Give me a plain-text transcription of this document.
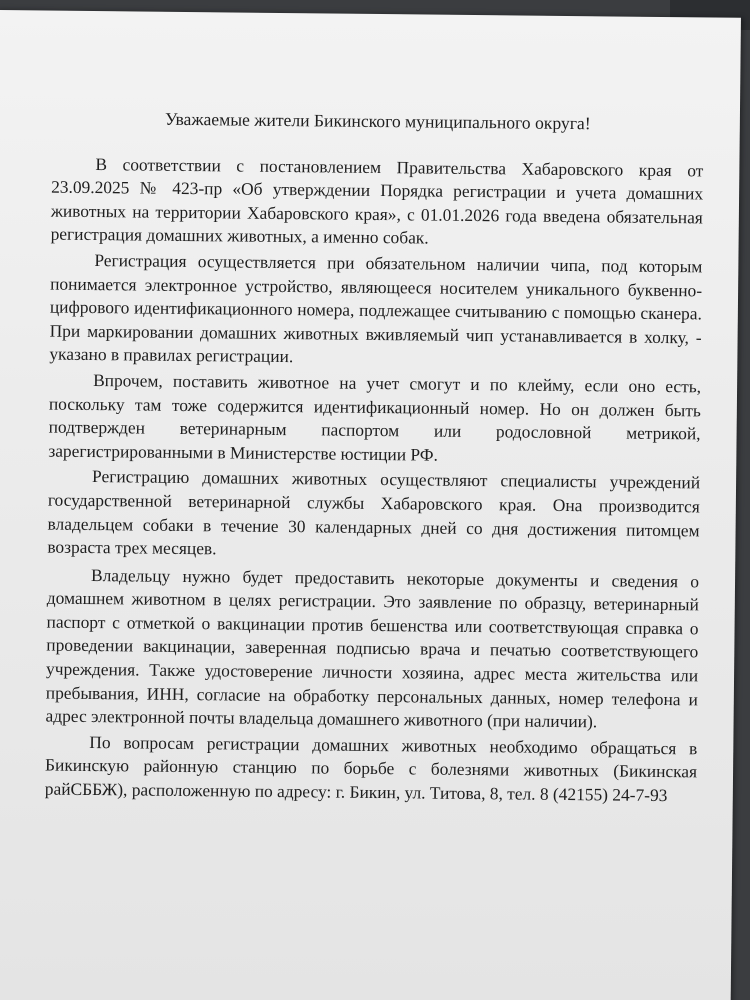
Уважаемые жители Бикинского муниципального округа!

В соответствии с постановлением Правительства Хабаровского края от 23.09.2025 № 423-пр «Об утверждении Порядка регистрации и учета домашних животных на территории Хабаровского края», с 01.01.2026 года введена обязательная регистрация домашних животных, а именно собак.

Регистрация осуществляется при обязательном наличии чипа, под которым понимается электронное устройство, являющееся носителем уникального буквенно-цифрового идентификационного номера, подлежащее считыванию с помощью сканера. При маркировании домашних животных вживляемый чип устанавливается в холку, - указано в правилах регистрации.

Впрочем, поставить животное на учет смогут и по клейму, если оно есть, поскольку там тоже содержится идентификационный номер. Но он должен быть подтвержден ветеринарным паспортом или родословной метрикой, зарегистрированными в Министерстве юстиции РФ.

Регистрацию домашних животных осуществляют специалисты учреждений государственной ветеринарной службы Хабаровского края. Она производится владельцем собаки в течение 30 календарных дней со дня достижения питомцем возраста трех месяцев.

Владельцу нужно будет предоставить некоторые документы и сведения о домашнем животном в целях регистрации. Это заявление по образцу, ветеринарный паспорт с отметкой о вакцинации против бешенства или соответствующая справка о проведении вакцинации, заверенная подписью врача и печатью соответствующего учреждения. Также удостоверение личности хозяина, адрес места жительства или пребывания, ИНН, согласие на обработку персональных данных, номер телефона и адрес электронной почты владельца домашнего животного (при наличии).

По вопросам регистрации домашних животных необходимо обращаться в Бикинскую районную станцию по борьбе с болезнями животных (Бикинская райСББЖ), расположенную по адресу: г. Бикин, ул. Титова, 8, тел. 8 (42155) 24-7-93
